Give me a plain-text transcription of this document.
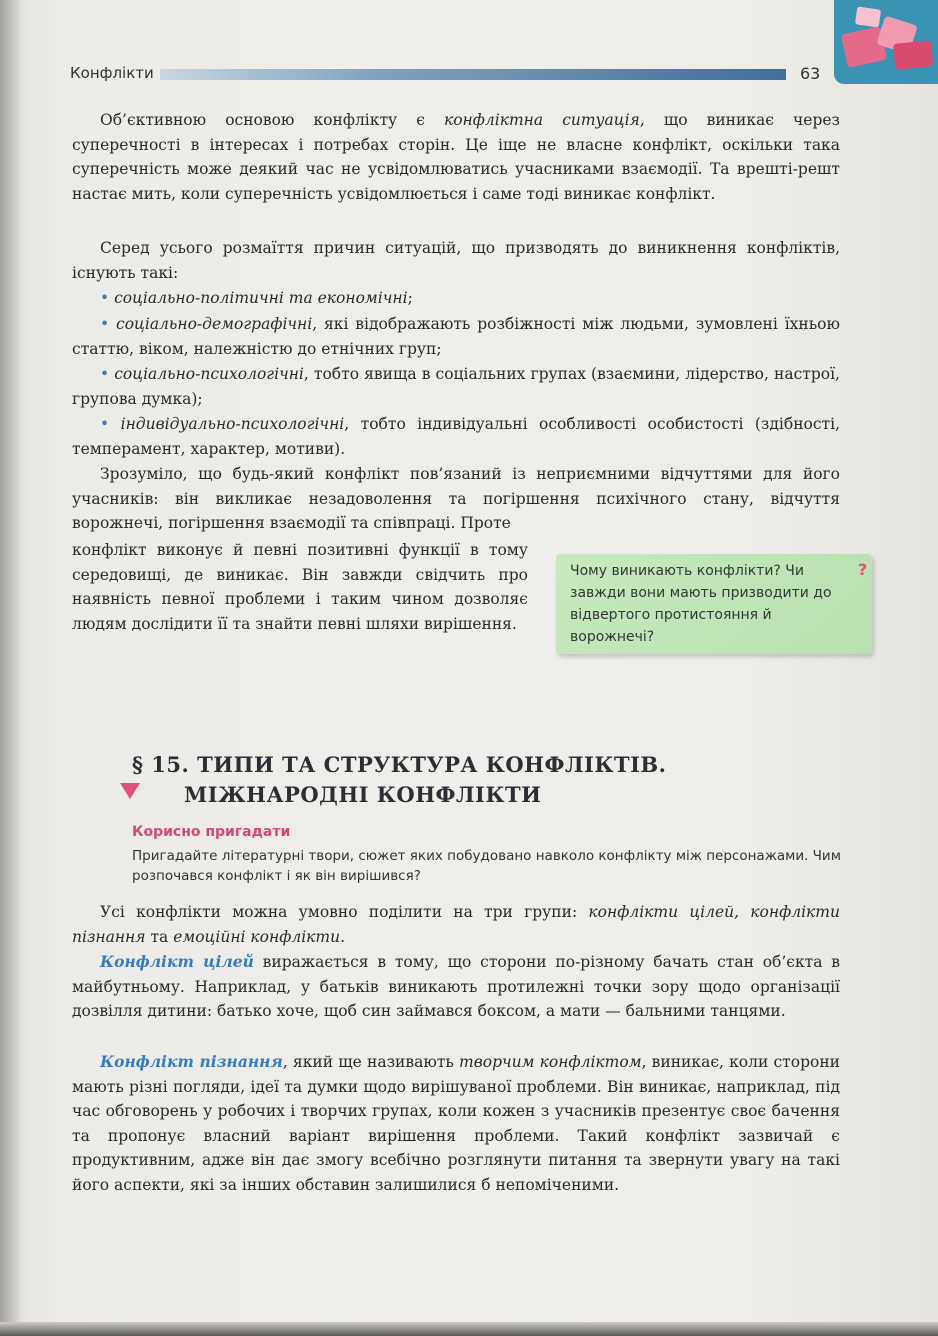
Конфлікти	63

Об’єктивною основою конфлікту є конфліктна ситуація, що виникає через суперечності в інтересах і потребах сторін. Це іще не власне конфлікт, оскільки така суперечність може деякий час не усвідомлюватись учасниками взаємодії. Та врешті-решт настає мить, коли суперечність усвідомлюється і саме тоді виникає конфлікт.

Серед усього розмаїття причин ситуацій, що призводять до виникнення конфліктів, існують такі:

• соціально-політичні та економічні;

• соціально-демографічні, які відображають розбіжності між людьми, зумовлені їхньою статтю, віком, належністю до етнічних груп;

• соціально-психологічні, тобто явища в соціальних групах (взаємини, лідерство, настрої, групова думка);

• індивідуально-психологічні, тобто індивідуальні особливості особистості (здібності, темперамент, характер, мотиви).

Зрозуміло, що будь-який конфлікт пов’язаний із неприємними відчуттями для його учасників: він викликає незадоволення та погіршення психічного стану, відчуття ворожнечі, погіршення взаємодії та співпраці. Проте

конфлікт виконує й певні позитивні функції в тому середовищі, де виникає. Він завжди свідчить про наявність певної проблеми і таким чином дозволяє людям дослідити її та знайти певні шляхи вирішення.

Чому виникають конфлікти? Чи завжди вони мають призводити до відвертого протистояння й ворожнечі?
?
§ 15. ТИПИ ТА СТРУКТУРА КОНФЛІКТІВ.
МІЖНАРОДНІ КОНФЛІКТИ
Корисно пригадати
Пригадайте літературні твори, сюжет яких побудовано навколо конфлікту між персонажами. Чим розпочався конфлікт і як він вирішився?

Усі конфлікти можна умовно поділити на три групи: конфлікти цілей, конфлікти пізнання та емоційні конфлікти.

Конфлікт цілей виражається в тому, що сторони по-різному бачать стан об’єкта в майбутньому. Наприклад, у батьків виникають протилежні точки зору щодо організації дозвілля дитини: батько хоче, щоб син займався боксом, а мати — бальними танцями.

Конфлікт пізнання, який ще називають творчим конфліктом, виникає, коли сторони мають різні погляди, ідеї та думки щодо вирішуваної проблеми. Він виникає, наприклад, під час обговорень у робочих і творчих групах, коли кожен з учасників презентує своє бачення та пропонує власний варіант вирішення проблеми. Такий конфлікт зазвичай є продуктивним, адже він дає змогу всебічно розглянути питання та звернути увагу на такі його аспекти, які за інших обставин залишилися б непоміченими.
